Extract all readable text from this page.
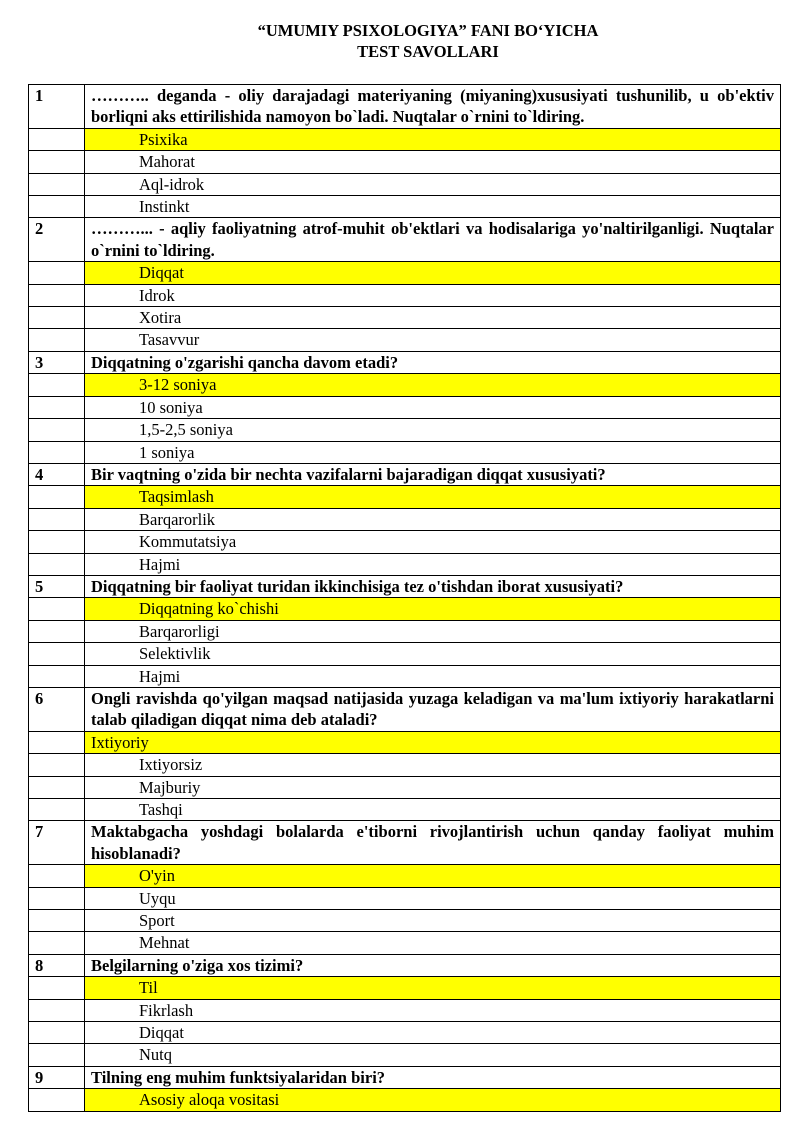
“UMUMIY PSIXOLOGIYA” FANI BO‘YICHA
TEST SAVOLLARI
1	……….. deganda - oliy darajadagi materiyaning (miyaning)xususiyati tushunilib, u ob'ektiv borliqni aks ettirilishida namoyon bo`ladi. Nuqtalar o`rnini to`ldiring.
	Psixika
	Mahorat
	Aql-idrok
	Instinkt
2	………... - aqliy faoliyatning atrof-muhit ob'ektlari va hodisalariga yo'naltirilganligi. Nuqtalar o`rnini to`ldiring.
	Diqqat
	Idrok
	Xotira
	Tasavvur
3	Diqqatning o'zgarishi qancha davom etadi?
	3-12 soniya
	10 soniya
	1,5-2,5 soniya
	1 soniya
4	Bir vaqtning o'zida bir nechta vazifalarni bajaradigan diqqat xususiyati?
	Taqsimlash
	Barqarorlik
	Kommutatsiya
	Hajmi
5	Diqqatning bir faoliyat turidan ikkinchisiga tez o'tishdan iborat xususiyati?
	Diqqatning ko`chishi
	Barqarorligi
	Selektivlik
	Hajmi
6	Ongli ravishda qo'yilgan maqsad natijasida yuzaga keladigan va ma'lum ixtiyoriy harakatlarni talab qiladigan diqqat nima deb ataladi?
	Ixtiyoriy
	Ixtiyorsiz
	Majburiy
	Tashqi
7	Maktabgacha yoshdagi bolalarda e'tiborni rivojlantirish uchun qanday faoliyat muhim hisoblanadi?
	O'yin
	Uyqu
	Sport
	Mehnat
8	Belgilarning o'ziga xos tizimi?
	Til
	Fikrlash
	Diqqat
	Nutq
9	Tilning eng muhim funktsiyalaridan biri?
	Asosiy aloqa vositasi
